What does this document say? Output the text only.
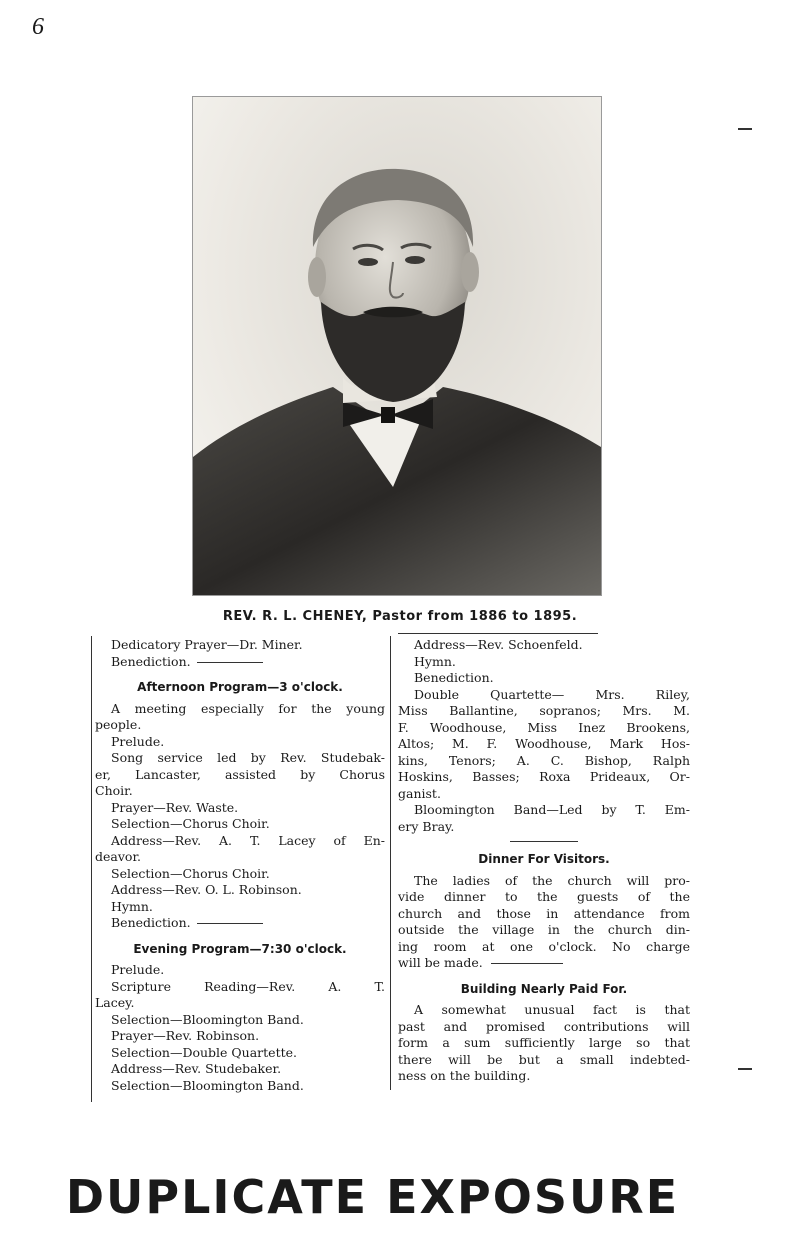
6
REV. R. L. CHENEY, Pastor from 1886 to 1895.
Dedicatory Prayer—Dr. Miner.
Benediction.
Afternoon Program—3 o'clock.
A meeting especially for the young
people.
Prelude.
Song service led by Rev. Studebak-
er, Lancaster, assisted by Chorus
Choir.
Prayer—Rev. Waste.
Selection—Chorus Choir.
Address—Rev. A. T. Lacey of En-
deavor.
Selection—Chorus Choir.
Address—Rev. O. L. Robinson.
Hymn.
Benediction.
Evening Program—7:30 o'clock.
Prelude.
Scripture Reading—Rev. A. T.
Lacey.
Selection—Bloomington Band.
Prayer—Rev. Robinson.
Selection—Double Quartette.
Address—Rev. Studebaker.
Selection—Bloomington Band.
Address—Rev. Schoenfeld.
Hymn.
Benediction.
Double Quartette— Mrs. Riley,
Miss Ballantine, sopranos; Mrs. M.
F. Woodhouse, Miss Inez Brookens,
Altos; M. F. Woodhouse, Mark Hos-
kins, Tenors; A. C. Bishop, Ralph
Hoskins, Basses; Roxa Prideaux, Or-
ganist.
Bloomington Band—Led by T. Em-
ery Bray.
Dinner For Visitors.
The ladies of the church will pro-
vide dinner to the guests of the
church and those in attendance from
outside the village in the church din-
ing room at one o'clock. No charge
will be made.
Building Nearly Paid For.
A somewhat unusual fact is that
past and promised contributions will
form a sum sufficiently large so that
there will be but a small indebted-
ness on the building.
DUPLICATE EXPOSURE
